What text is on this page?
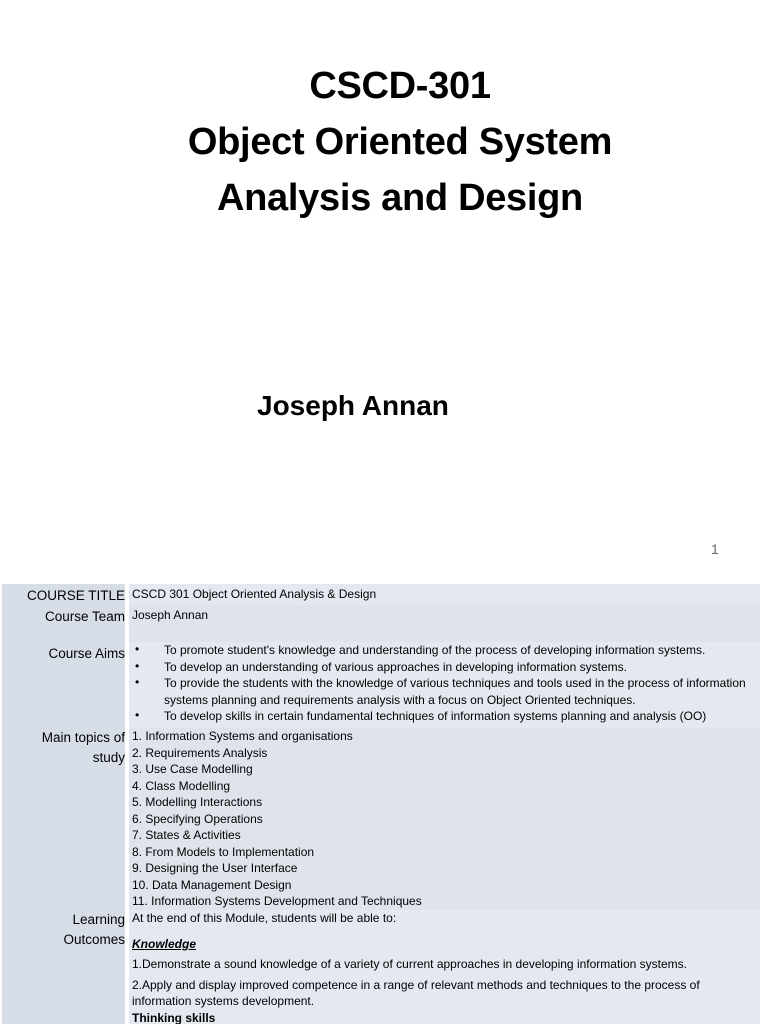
CSCD-301
Object Oriented System
Analysis and Design
Joseph Annan
1
COURSE TITLE CSCD 301 Object Oriented Analysis & Design
Course Team Joseph Annan
Course Aims • To promote student's knowledge and understanding of the process of developing information systems.
• To develop an understanding of various approaches in developing information systems.
• To provide the students with the knowledge of various techniques and tools used in the process of information systems planning and requirements analysis with a focus on Object Oriented techniques.
• To develop skills in certain fundamental techniques of information systems planning and analysis (OO)
Main topics of
study
1. Information Systems and organisations
2. Requirements Analysis
3. Use Case Modelling
4. Class Modelling
5. Modelling Interactions
6. Specifying Operations
7. States & Activities
8. From Models to Implementation
9. Designing the User Interface
10. Data Management Design
11. Information Systems Development and Techniques
Learning
Outcomes
At the end of this Module, students will be able to:
Knowledge
1.Demonstrate a sound knowledge of a variety of current approaches in developing information systems.
2.Apply and display improved competence in a range of relevant methods and techniques to the process of information systems development.
Thinking skills
